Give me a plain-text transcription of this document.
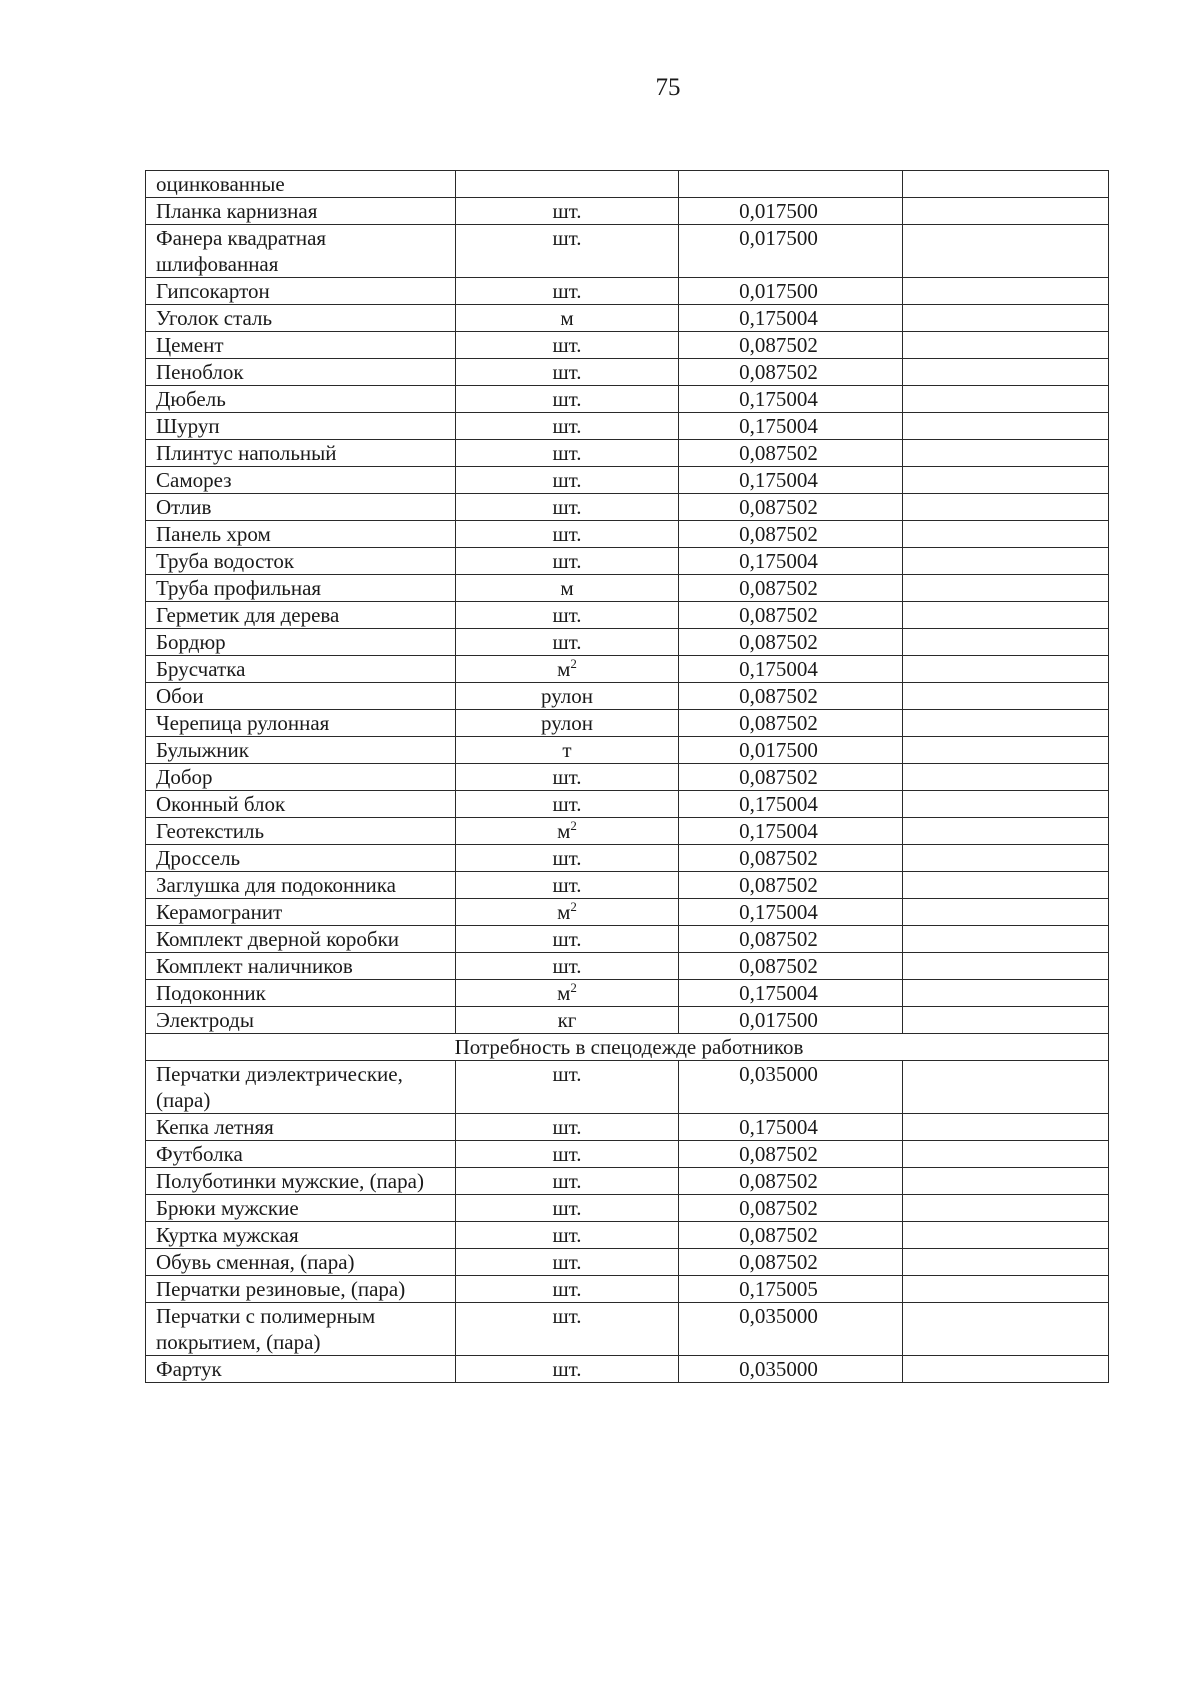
75
оцинкованные			
Планка карнизная	шт.	0,017500	
Фанера квадратная шлифованная	шт.	0,017500	
Гипсокартон	шт.	0,017500	
Уголок сталь	м	0,175004	
Цемент	шт.	0,087502	
Пеноблок	шт.	0,087502	
Дюбель	шт.	0,175004	
Шуруп	шт.	0,175004	
Плинтус напольный	шт.	0,087502	
Саморез	шт.	0,175004	
Отлив	шт.	0,087502	
Панель хром	шт.	0,087502	
Труба водосток	шт.	0,175004	
Труба профильная	м	0,087502	
Герметик для дерева	шт.	0,087502	
Бордюр	шт.	0,087502	
Брусчатка	$м^2$	0,175004	
Обои	рулон	0,087502	
Черепица рулонная	рулон	0,087502	
Булыжник	т	0,017500	
Добор	шт.	0,087502	
Оконный блок	шт.	0,175004	
Геотекстиль	$м^2$	0,175004	
Дроссель	шт.	0,087502	
Заглушка для подоконника	шт.	0,087502	
Керамогранит	$м^2$	0,175004	
Комплект дверной коробки	шт.	0,087502	
Комплект наличников	шт.	0,087502	
Подоконник	$м^2$	0,175004	
Электроды	кг	0,017500	
Потребность в спецодежде работников			
Перчатки диэлектрические, (пара)	шт.	0,035000	
Кепка летняя	шт.	0,175004	
Футболка	шт.	0,087502	
Полуботинки мужские, (пара)	шт.	0,087502	
Брюки мужские	шт.	0,087502	
Куртка мужская	шт.	0,087502	
Обувь сменная, (пара)	шт.	0,087502	
Перчатки резиновые, (пара)	шт.	0,175005	
Перчатки с полимерным покрытием, (пара)	шт.	0,035000	
Фартук	шт.	0,035000	
